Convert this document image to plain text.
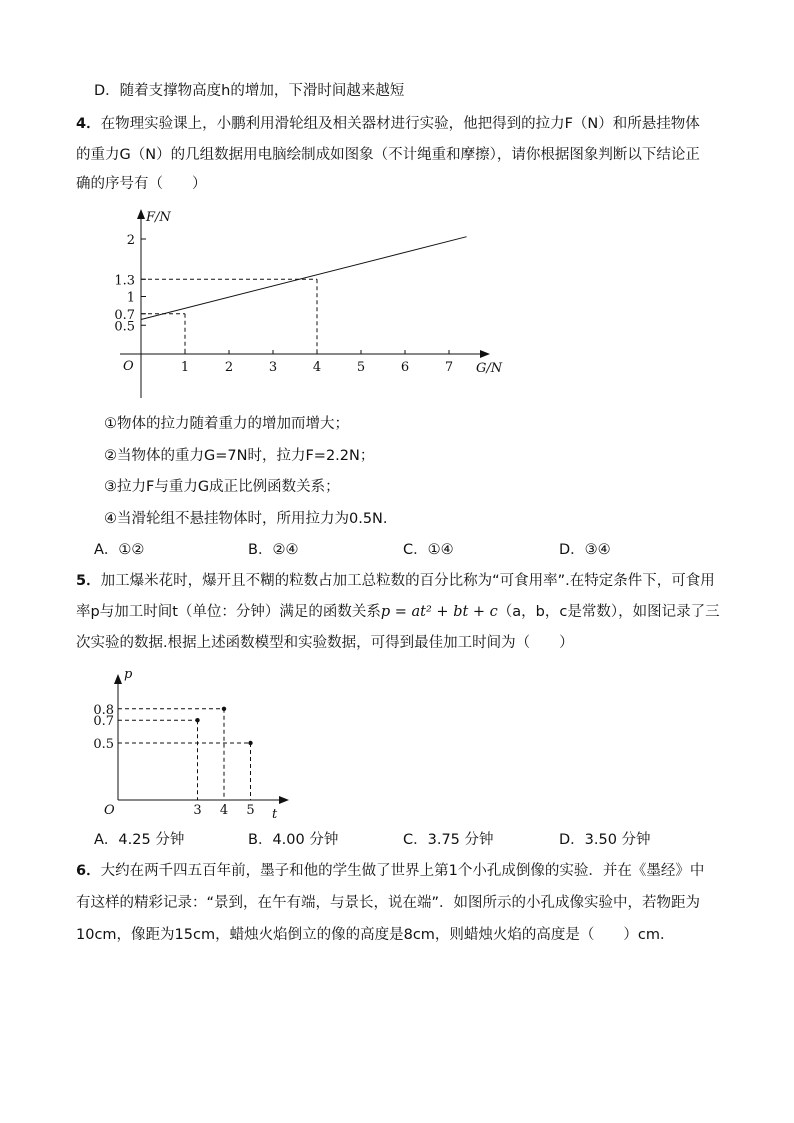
D．随着支撑物高度h的增加，下滑时间越来越短
4．在物理实验课上，小鹏利用滑轮组及相关器材进行实验，他把得到的拉力F（N）和所悬挂物体
的重力G（N）的几组数据用电脑绘制成如图象（不计绳重和摩擦），请你根据图象判断以下结论正
确的序号有（　　）
F/N
G/N
O	1	2	3	4	5	6	7
0.5
0.7
1
1.3
2
①物体的拉力随着重力的增加而增大；
②当物体的重力G=7N时，拉力F=2.2N；
③拉力F与重力G成正比例函数关系；
④当滑轮组不悬挂物体时，所用拉力为0.5N.
A．①②	B．②④	C．①④	D．③④
5．加工爆米花时，爆开且不糊的粒数占加工总粒数的百分比称为“可食用率”.在特定条件下，可食用
率p与加工时间t（单位：分钟）满足的函数关系p = at² + bt + c（a，b，c是常数），如图记录了三
次实验的数据.根据上述函数模型和实验数据，可得到最佳加工时间为（　　）
p
t
O	3 4 5
0.5
0.7
0.8
A．4.25 分钟	B．4.00 分钟	C．3.75 分钟	D．3.50 分钟
6．大约在两千四五百年前，墨子和他的学生做了世界上第1个小孔成倒像的实验．并在《墨经》中
有这样的精彩记录：“景到，在午有端，与景长，说在端”．如图所示的小孔成像实验中，若物距为
10cm，像距为15cm，蜡烛火焰倒立的像的高度是8cm，则蜡烛火焰的高度是（　　）cm．
